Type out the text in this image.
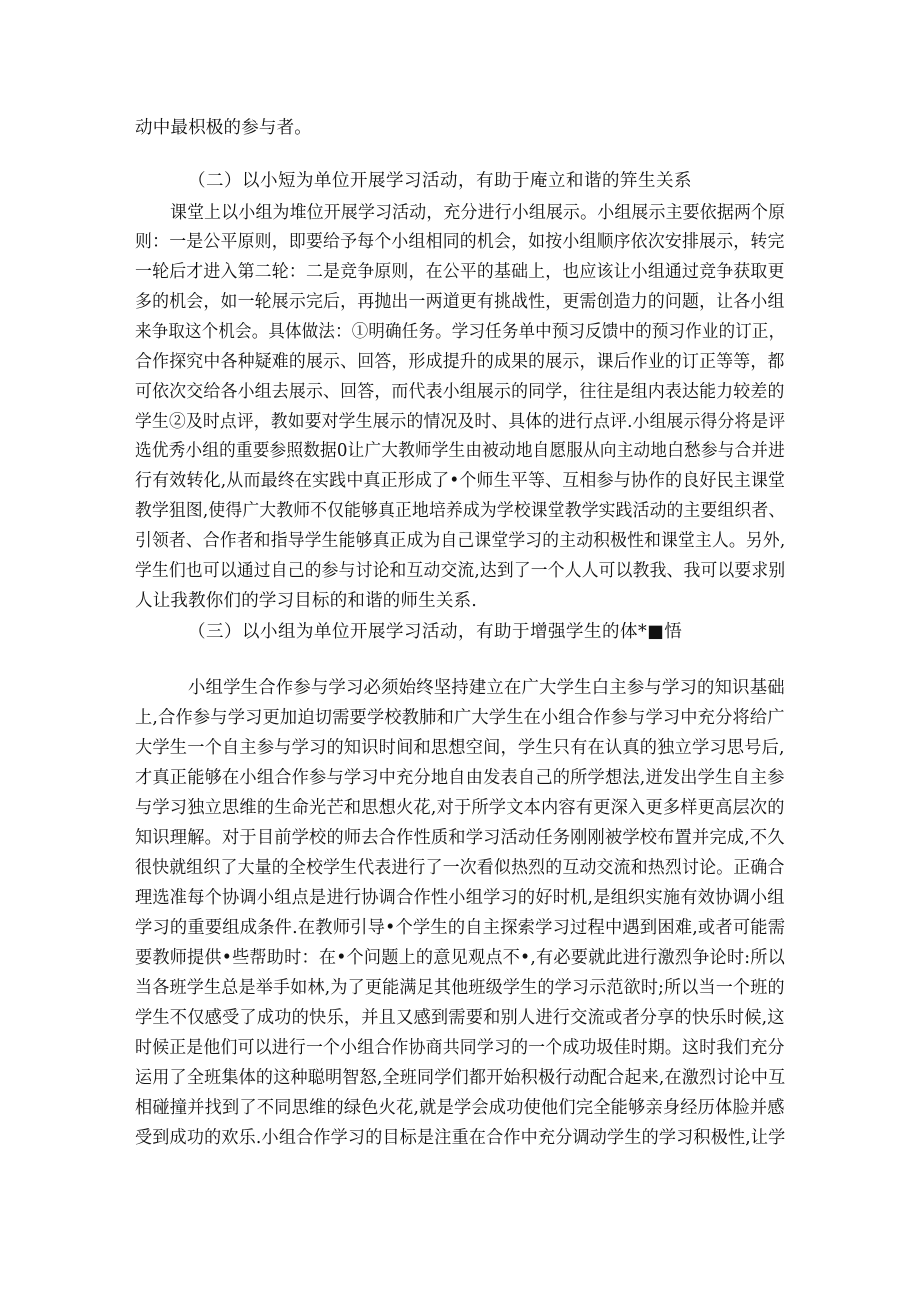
动中最枳极的参与者。
（二）以小短为单位开展学习活动，有助于庵立和谐的笄生关系
课堂上以小组为堆位开展学习活动，充分进行小组展示。小组展示主要依据两个原
则：一是公平原则，即要给予每个小组相同的机会，如按小组顺序依次安排展示，转完
一轮后才进入第二轮：二是竞争原则，在公平的基础上，也应该让小组通过竞争获取更
多的机会，如一轮展示完后，再抛出一两道更有挑战性，更需创造力的问题，让各小组
来争取这个机会。具体做法：①明确任务。学习任务单中预习反馈中的预习作业的订正，
合作探究中各种疑难的展示、回答，形成提升的成果的展示，课后作业的订正等等，都
可依次交给各小组去展示、回答，而代表小组展示的同学，往往是组内表达能力较差的
学生②及时点评，教如要对学生展示的情况及时、具体的进行点评.小组展示得分将是评
选优秀小组的重要参照数据0让广大教师学生由被动地自愿服从向主动地白愁参与合并进
行有效转化,从而最终在实践中真正形成了•个师生平等、互相参与协作的良好民主课堂
教学狙图,使得广大教师不仅能够真正地培养成为学校课堂教学实践活动的主要组织者、
引领者、合作者和指导学生能够真正成为自己课堂学习的主动积极性和课堂主人。另外,
学生们也可以通过自己的参与讨论和互动交流,达到了一个人人可以教我、我可以要求别
人让我教你们的学习目标的和谐的师生关系.
（三）以小组为单位开展学习活动，有助于增强学生的体*■悟
小组学生合作参与学习必须始终坚持建立在广大学生白主参与学习的知识基础
上,合作参与学习更加迫切需要学校教肺和广大学生在小组合作参与学习中充分将给广
大学生一个自主参与学习的知识时间和思想空间，学生只有在认真的独立学习思号后,
才真正能够在小组合作参与学习中充分地自由发表自己的所学想法,迸发出学生自主参
与学习独立思维的生命光芒和思想火花,对于所学文本内容有更深入更多样更高层次的
知识理解。对于目前学校的师去合作性质和学习活动任务刚刚被学校布置并完成,不久
很快就组织了大量的全校学生代表进行了一次看似热烈的互动交流和热烈讨论。正确合
理选准每个协调小组点是进行协调合作性小组学习的好时机,是组织实施有效协调小组
学习的重要组成条件.在教师引导•个学生的自主探索学习过程中遇到困难,或者可能需
要教师提供•些帮助时：在•个问题上的意见观点不•,有必要就此进行激烈争论时:所以
当各班学生总是举手如林,为了更能满足其他班级学生的学习示范欲时;所以当一个班的
学生不仅感受了成功的快乐，并且又感到需要和别人进行交流或者分享的快乐时候,这
时候正是他们可以进行一个小组合作协商共同学习的一个成功圾佳时期。这时我们充分
运用了全班集体的这种聪明智怒,全班同学们都开始积极行动配合起来,在激烈讨论中互
相碰撞并找到了不同思维的绿色火花,就是学会成功使他们完全能够亲身经历体脸并感
受到成功的欢乐.小组合作学习的目标是注重在合作中充分调动学生的学习积极性,让学
